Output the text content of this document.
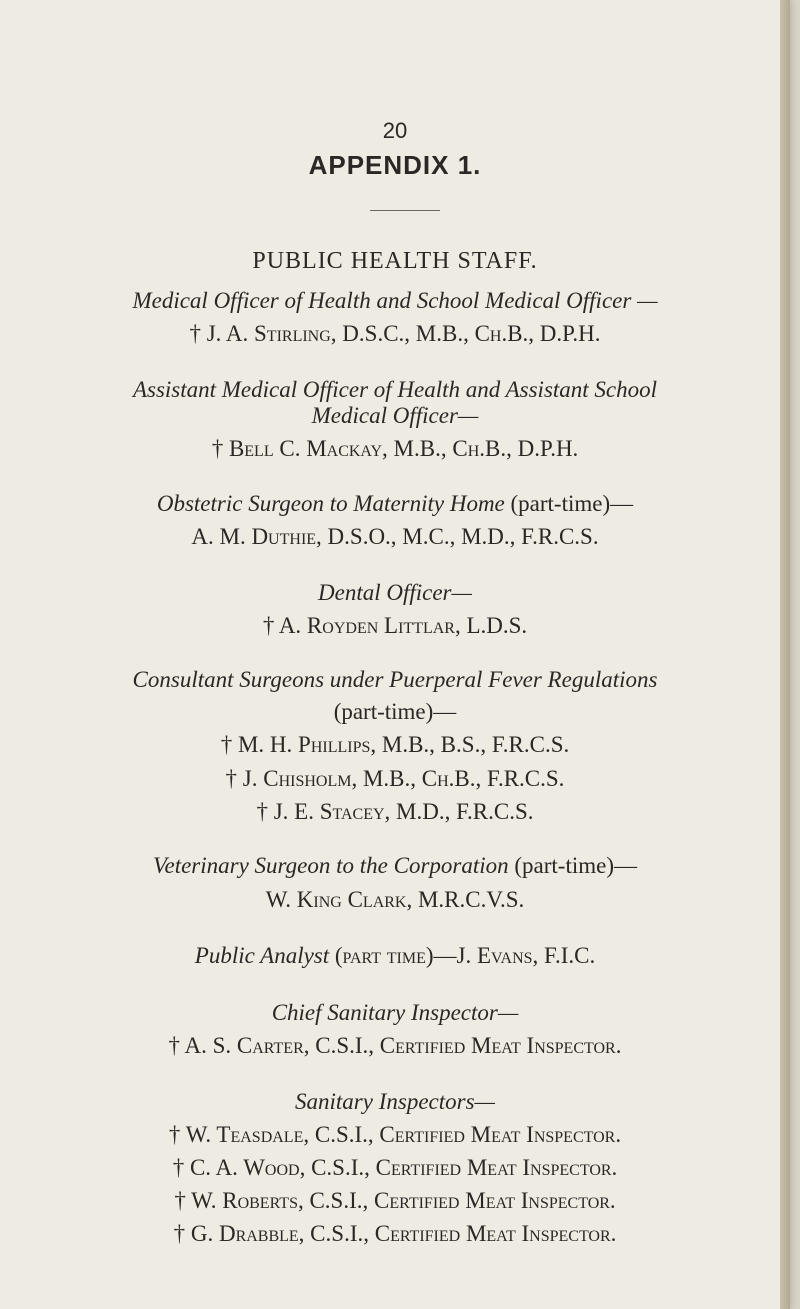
20
APPENDIX 1.
PUBLIC HEALTH STAFF.
Medical Officer of Health and School Medical Officer —
† J. A. Stirling, D.S.C., M.B., Ch.B., D.P.H.
Assistant Medical Officer of Health and Assistant School
Medical Officer—
† Bell C. Mackay, M.B., Ch.B., D.P.H.
Obstetric Surgeon to Maternity Home (part-time)—
A. M. Duthie, D.S.O., M.C., M.D., F.R.C.S.
Dental Officer—
† A. Royden Littlar, L.D.S.
Consultant Surgeons under Puerperal Fever Regulations
(part-time)—
† M. H. Phillips, M.B., B.S., F.R.C.S.
† J. Chisholm, M.B., Ch.B., F.R.C.S.
† J. E. Stacey, M.D., F.R.C.S.
Veterinary Surgeon to the Corporation (part-time)—
W. King Clark, M.R.C.V.S.
Public Analyst (part time)—J. Evans, F.I.C.
Chief Sanitary Inspector—
† A. S. Carter, C.S.I., Certified Meat Inspector.
Sanitary Inspectors—
† W. Teasdale, C.S.I., Certified Meat Inspector.
† C. A. Wood, C.S.I., Certified Meat Inspector.
† W. Roberts, C.S.I., Certified Meat Inspector.
† G. Drabble, C.S.I., Certified Meat Inspector.
